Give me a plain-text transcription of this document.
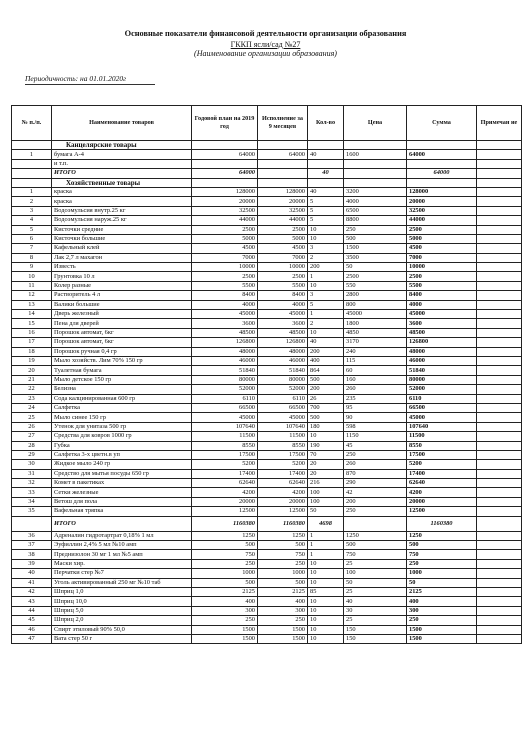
Основные показатели финансовой деятельности организации образования
ГККП ясли/сад №27
(Наименование организации образования)
Периодичность: на 01.01.2020г
№ п./п.	Наименование товаров	Годовой план на 2019 год	Исполнение за 9 месяцев	Кол-во	Цена	Сумма	Примечан ие
	Канцелярские товары						
1	бумага А-4	64000	64000	40	1600	64000	
	и т.п.						
	ИТОГО	64000		40		64000	
	Хозяйственные товары						
1	краска	128000	128000	40	3200	128000	
2	краска	20000	20000	5	4000	20000	
3	Водоэмульсия внутр.25 кг	32500	32500	5	6500	32500	
4	Водоэмульсия наруж.25 кг	44000	44000	5	8800	44000	
5	Кисточки средние	2500	2500	10	250	2500	
6	Кисточки большие	5000	5000	10	500	5000	
7	Кафельный клей	4500	4500	3	1500	4500	
8	Лак 2,7 л махагон	7000	7000	2	3500	7000	
9	Известь	10000	10000	200	50	10000	
10	Грунтовка 10 л	2500	2500	1	2500	2500	
11	Колер разные	5500	5500	10	550	5500	
12	Растворитель 4 л	8400	8400	3	2800	8400	
13	Валики большие	4000	4000	5	800	4000	
14	Дверь железный	45000	45000	1	45000	45000	
15	Пена для дверей	3600	3600	2	1800	3600	
16	Порошок автомат, 6кг	48500	48500	10	4850	48500	
17	Порошок автомат, 6кг	126800	126800	40	3170	126800	
18	Порошок ручная 0,4 гр	48000	48000	200	240	48000	
19	Мыло хозяйств. Лим 70% 150 гр	46000	46000	400	115	46000	
20	Туалетная бумага	51840	51840	864	60	51840	
21	Мыло детское 150 гр	80000	80000	500	160	80000	
22	Белизна	52000	52000	200	260	52000	
23	Сода калцинированная 600 гр	6110	6110	26	235	6110	
24	Салфетка	66500	66500	700	95	66500	
25	Мыло синее 150 гр	45000	45000	500	90	45000	
26	Утенок для унитаза 500 гр	107640	107640	180	598	107640	
27	Средства для ковров 1000 гр	11500	11500	10	1150	11500	
28	Губка	8550	8550	190	45	8550	
29	Салфетка 3-х цветн.в уп	17500	17500	70	250	17500	
30	Жидкое мыло 240 гр	5200	5200	20	260	5200	
31	Средство для мытья посуды 650 гр	17400	17400	20	870	17400	
32	Комет в пакетиках	62640	62640	216	290	62640	
33	Сетки железные	4200	4200	100	42	4200	
34	Ветош для пола	20000	20000	100	200	20000	
35	Вафельная тряпка	12500	12500	50	250	12500	
	ИТОГО	1160380	1160380	4698		1160380	
36	Адреналин гидротартрат 0,18% 1 мл	1250	1250	1	1250	1250	
37	Эуфиллин 2,4% 5 мл №10 амп	500	500	1	500	500	
38	Преднизолон 30 мг 1 мл №5 амп	750	750	1	750	750	
39	Маски хир.	250	250	10	25	250	
40	Перчатки стер №7	1000	1000	10	100	1000	
41	Уголь активированный 250 мг №10 таб	500	500	10	50	50	
42	Шприц 1,0	2125	2125	85	25	2125	
43	Шприц 10,0	400	400	10	40	400	
44	Шприц 5,0	300	300	10	30	300	
45	Шприц 2,0	250	250	10	25	250	
46	Спирт этиловый 90% 50,0	1500	1500	10	150	1500	
47	Вата стер 50 г	1500	1500	10	150	1500	
